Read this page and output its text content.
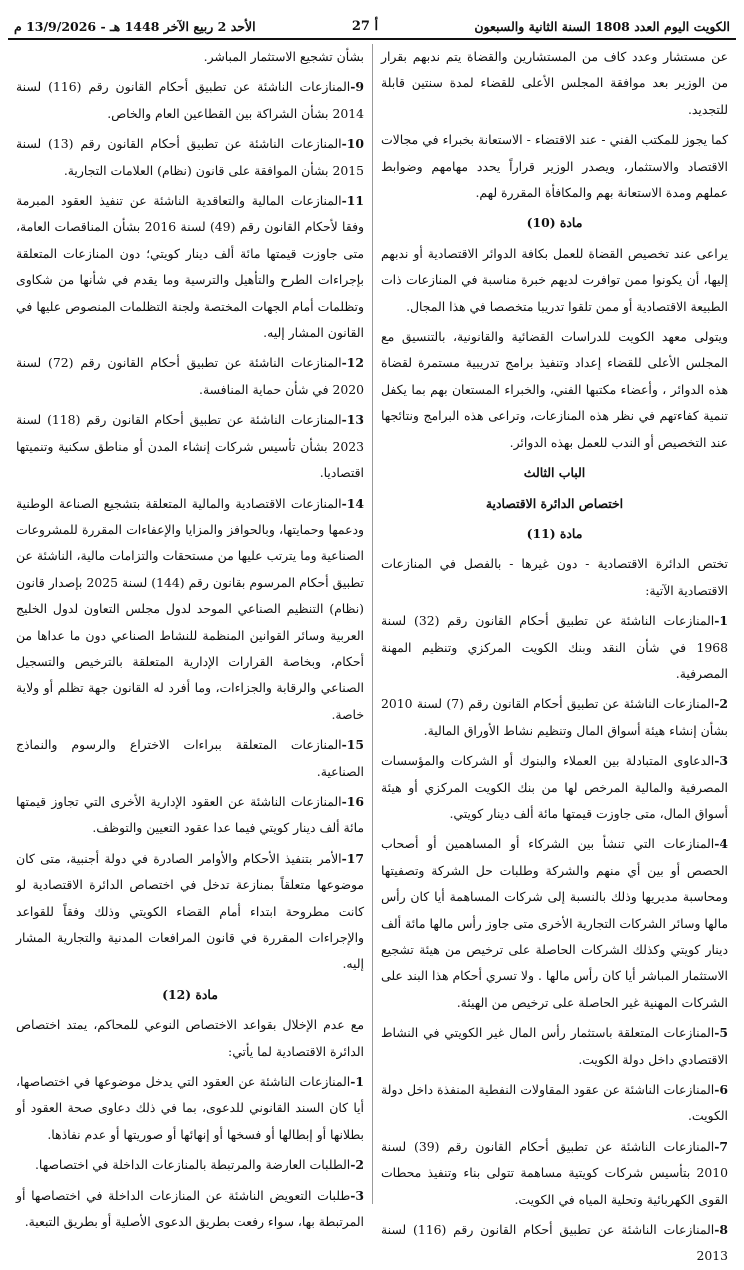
الأحد 2 ربيع الآخر 1448 هـ - 13/9/2026 م	أ 27	الكويت اليوم العدد 1808 السنة الثانية والسبعون

عن مستشار وعدد كاف من المستشارين والقضاة يتم ندبهم بقرار من الوزير بعد موافقة المجلس الأعلى للقضاء لمدة سنتين قابلة للتجديد.

كما يجوز للمكتب الفني - عند الاقتضاء - الاستعانة بخبراء في مجالات الاقتصاد والاستثمار، ويصدر الوزير قراراً يحدد مهامهم وضوابط عملهم ومدة الاستعانة بهم والمكافأة المقررة لهم.

مادة (10)

يراعى عند تخصيص القضاة للعمل بكافة الدوائر الاقتصادية أو ندبهم إليها، أن يكونوا ممن توافرت لديهم خبرة مناسبة في المنازعات ذات الطبيعة الاقتصادية أو ممن تلقوا تدريبا متخصصا في هذا المجال.

ويتولى معهد الكويت للدراسات القضائية والقانونية، بالتنسيق مع المجلس الأعلى للقضاء إعداد وتنفيذ برامج تدريبية مستمرة لقضاة هذه الدوائر ، وأعضاء مكتبها الفني، والخبراء المستعان بهم بما يكفل تنمية كفاءتهم في نظر هذه المنازعات، وتراعى هذه البرامج ونتائجها عند التخصيص أو الندب للعمل بهذه الدوائر.

الباب الثالث

اختصاص الدائرة الاقتصادية

مادة (11)

تختص الدائرة الاقتصادية - دون غيرها - بالفصل في المنازعات الاقتصادية الآتية:

1-المنازعات الناشئة عن تطبيق أحكام القانون رقم (32) لسنة 1968 في شأن النقد وبنك الكويت المركزي وتنظيم المهنة المصرفية.

2-المنازعات الناشئة عن تطبيق أحكام القانون رقم (7) لسنة 2010 بشأن إنشاء هيئة أسواق المال وتنظيم نشاط الأوراق المالية.

3-الدعاوى المتبادلة بين العملاء والبنوك أو الشركات والمؤسسات المصرفية والمالية المرخص لها من بنك الكويت المركزي أو هيئة أسواق المال، متى جاوزت قيمتها مائة ألف دينار كويتي.

4-المنازعات التي تنشأ بين الشركاء أو المساهمين أو أصحاب الحصص أو بين أي منهم والشركة وطلبات حل الشركة وتصفيتها ومحاسبة مديريها وذلك بالنسبة إلى شركات المساهمة أيا كان رأس مالها وسائر الشركات التجارية الأخرى متى جاوز رأس مالها مائة ألف دينار كويتي وكذلك الشركات الحاصلة على ترخيص من هيئة تشجيع الاستثمار المباشر أيا كان رأس مالها . ولا تسري أحكام هذا البند على الشركات المهنية غير الحاصلة على ترخيص من الهيئة.

5-المنازعات المتعلقة باستثمار رأس المال غير الكويتي في النشاط الاقتصادي داخل دولة الكويت.

6-المنازعات الناشئة عن عقود المقاولات النفطية المنفذة داخل دولة الكويت.

7-المنازعات الناشئة عن تطبيق أحكام القانون رقم (39) لسنة 2010 بتأسيس شركات كويتية مساهمة تتولى بناء وتنفيذ محطات القوى الكهربائية وتحلية المياه في الكويت.

8-المنازعات الناشئة عن تطبيق أحكام القانون رقم (116) لسنة 2013

بشأن تشجيع الاستثمار المباشر.

9-المنازعات الناشئة عن تطبيق أحكام القانون رقم (116) لسنة 2014 بشأن الشراكة بين القطاعين العام والخاص.

10-المنازعات الناشئة عن تطبيق أحكام القانون رقم (13) لسنة 2015 بشأن الموافقة على قانون (نظام) العلامات التجارية.

11-المنازعات المالية والتعاقدية الناشئة عن تنفيذ العقود المبرمة وفقا لأحكام القانون رقم (49) لسنة 2016 بشأن المناقصات العامة، متى جاوزت قيمتها مائة ألف دينار كويتي؛ دون المنازعات المتعلقة بإجراءات الطرح والتأهيل والترسية وما يقدم في شأنها من شكاوى وتظلمات أمام الجهات المختصة ولجنة التظلمات المنصوص عليها في القانون المشار إليه.

12-المنازعات الناشئة عن تطبيق أحكام القانون رقم (72) لسنة 2020 في شأن حماية المنافسة.

13-المنازعات الناشئة عن تطبيق أحكام القانون رقم (118) لسنة 2023 بشأن تأسيس شركات إنشاء المدن أو مناطق سكنية وتنميتها اقتصاديا.

14-المنازعات الاقتصادية والمالية المتعلقة بتشجيع الصناعة الوطنية ودعمها وحمايتها، وبالحوافز والمزايا والإعفاءات المقررة للمشروعات الصناعية وما يترتب عليها من مستحقات والتزامات مالية، الناشئة عن تطبيق أحكام المرسوم بقانون رقم (144) لسنة 2025 بإصدار قانون (نظام) التنظيم الصناعي الموحد لدول مجلس التعاون لدول الخليج العربية وسائر القوانين المنظمة للنشاط الصناعي دون ما عداها من أحكام، وبخاصة القرارات الإدارية المتعلقة بالترخيص والتسجيل الصناعي والرقابة والجزاءات، وما أفرد له القانون جهة تظلم أو ولاية خاصة.

15-المنازعات المتعلقة ببراءات الاختراع والرسوم والنماذج الصناعية.

16-المنازعات الناشئة عن العقود الإدارية الأخرى التي تجاوز قيمتها مائة ألف دينار كويتي فيما عدا عقود التعيين والتوظف.

17-الأمر بتنفيذ الأحكام والأوامر الصادرة في دولة أجنبية، متى كان موضوعها متعلقاً بمنازعة تدخل في اختصاص الدائرة الاقتصادية لو كانت مطروحة ابتداء أمام القضاء الكويتي وذلك وفقاً للقواعد والإجراءات المقررة في قانون المرافعات المدنية والتجارية المشار إليه.

مادة (12)

مع عدم الإخلال بقواعد الاختصاص النوعي للمحاكم، يمتد اختصاص الدائرة الاقتصادية لما يأتي:

1-المنازعات الناشئة عن العقود التي يدخل موضوعها في اختصاصها، أيا كان السند القانوني للدعوى، بما في ذلك دعاوى صحة العقود أو بطلانها أو إبطالها أو فسخها أو إنهائها أو صوريتها أو عدم نفاذها.

2-الطلبات العارضة والمرتبطة بالمنازعات الداخلة في اختصاصها.

3-طلبات التعويض الناشئة عن المنازعات الداخلة في اختصاصها أو المرتبطة بها، سواء رفعت بطريق الدعوى الأصلية أو بطريق التبعية.
